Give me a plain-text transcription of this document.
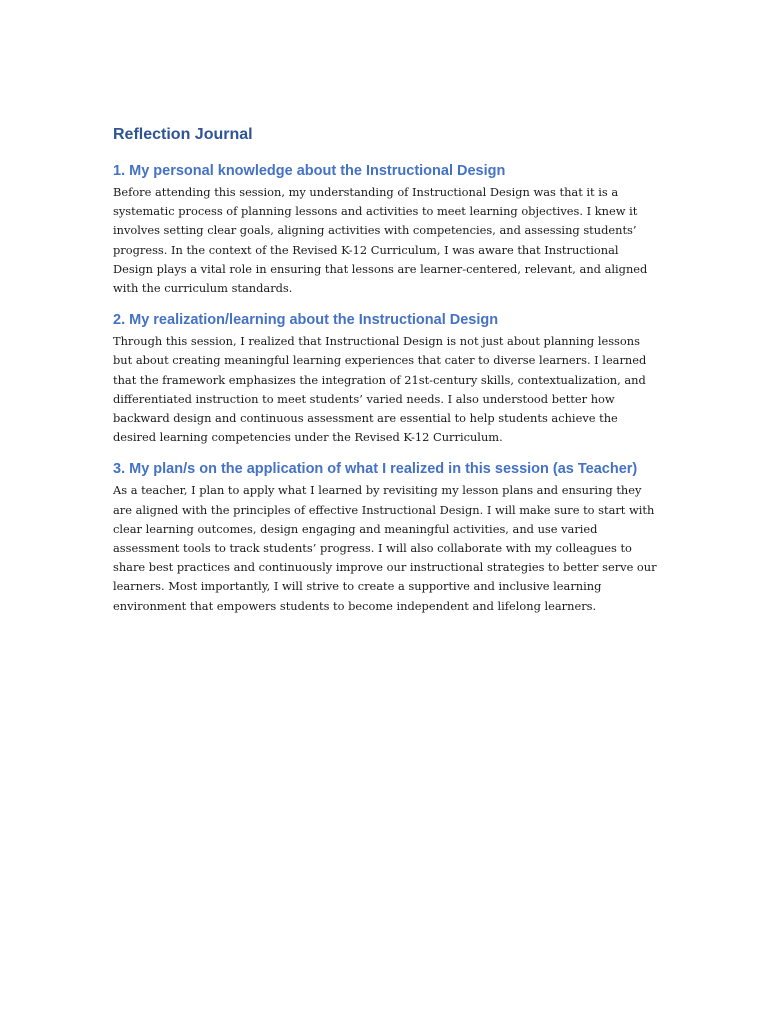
Reflection Journal
1. My personal knowledge about the Instructional Design

Before attending this session, my understanding of Instructional Design was that it is a systematic process of planning lessons and activities to meet learning objectives. I knew it involves setting clear goals, aligning activities with competencies, and assessing students’ progress. In the context of the Revised K-12 Curriculum, I was aware that Instructional Design plays a vital role in ensuring that lessons are learner-centered, relevant, and aligned with the curriculum standards.

2. My realization/learning about the Instructional Design

Through this session, I realized that Instructional Design is not just about planning lessons but about creating meaningful learning experiences that cater to diverse learners. I learned that the framework emphasizes the integration of 21st-century skills, contextualization, and differentiated instruction to meet students’ varied needs. I also understood better how backward design and continuous assessment are essential to help students achieve the desired learning competencies under the Revised K-12 Curriculum.

3. My plan/s on the application of what I realized in this session (as Teacher)

As a teacher, I plan to apply what I learned by revisiting my lesson plans and ensuring they are aligned with the principles of effective Instructional Design. I will make sure to start with clear learning outcomes, design engaging and meaningful activities, and use varied assessment tools to track students’ progress. I will also collaborate with my colleagues to share best practices and continuously improve our instructional strategies to better serve our learners. Most importantly, I will strive to create a supportive and inclusive learning environment that empowers students to become independent and lifelong learners.
